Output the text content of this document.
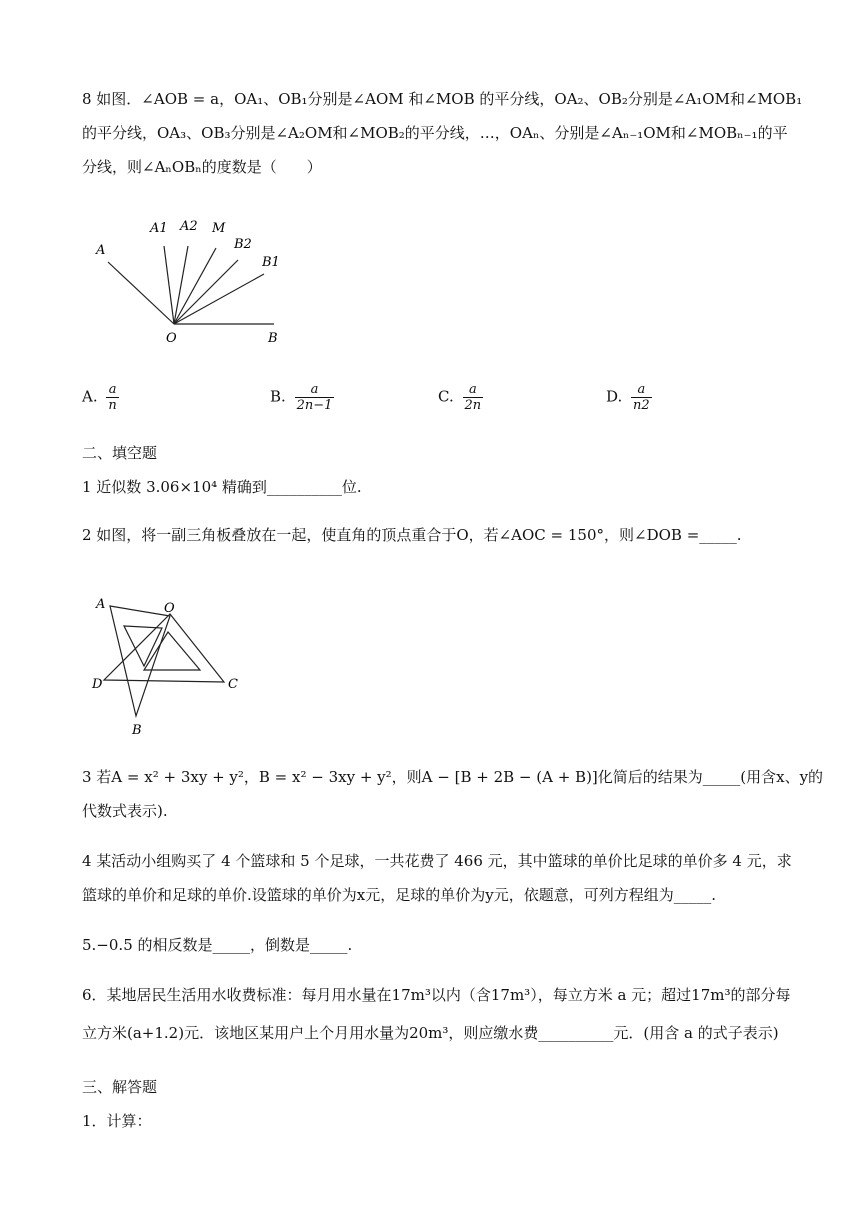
8 如图．∠AOB = a，OA₁、OB₁分别是∠AOM 和∠MOB 的平分线，OA₂、OB₂分别是∠A₁OM和∠MOB₁
的平分线，OA₃、OB₃分别是∠A₂OM和∠MOB₂的平分线，…，OAₙ、分别是∠Aₙ₋₁OM和∠MOBₙ₋₁的平
分线，则∠AₙOBₙ的度数是（　　）
A
A1 A2 M
B2
B1
O	B
A. $\frac{a}{n}$	B. $\frac{a}{2n-1}$	C. $\frac{a}{2n}$	D. $\frac{a}{n2}$
二、填空题
1 近似数 3.06×10⁴ 精确到__________位.
2 如图，将一副三角板叠放在一起，使直角的顶点重合于O，若∠AOC = 150°，则∠DOB =_____.
A	O
D	C
B
3 若A = x² + 3xy + y²，B = x² − 3xy + y²，则A − [B + 2B − (A + B)]化简后的结果为_____(用含x、y的
代数式表示).
4 某活动小组购买了 4 个篮球和 5 个足球，一共花费了 466 元，其中篮球的单价比足球的单价多 4 元，求
篮球的单价和足球的单价.设篮球的单价为x元，足球的单价为y元，依题意，可列方程组为_____.
5.−0.5 的相反数是_____，倒数是_____.
6．某地居民生活用水收费标准：每月用水量在17m³以内（含17m³），每立方米 a 元；超过17m³的部分每
立方米(a+1.2)元．该地区某用户上个月用水量为20m³，则应缴水费__________元．(用含 a 的式子表示)
三、解答题
1．计算：
